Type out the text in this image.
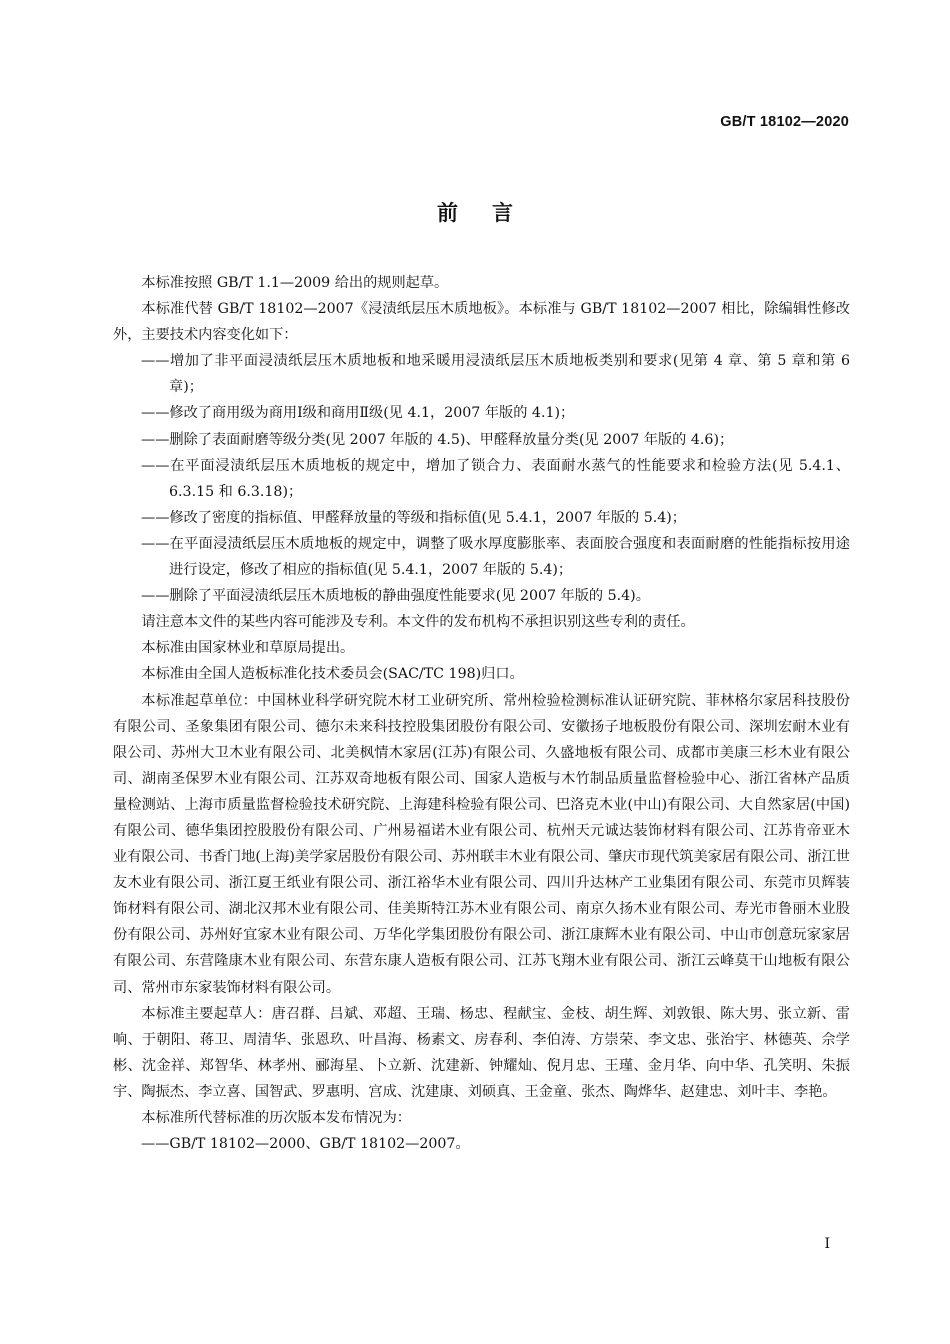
GB/T 18102—2020
前言

本标准按照 GB/T 1.1—2009 给出的规则起草。

本标准代替 GB/T 18102—2007《浸渍纸层压木质地板》。本标准与 GB/T 18102—2007 相比，除编辑性修改外，主要技术内容变化如下：

——增加了非平面浸渍纸层压木质地板和地采暖用浸渍纸层压木质地板类别和要求(见第 4 章、第 5 章和第 6 章)；

——修改了商用级为商用Ⅰ级和商用Ⅱ级(见 4.1，2007 年版的 4.1)；

——删除了表面耐磨等级分类(见 2007 年版的 4.5)、甲醛释放量分类(见 2007 年版的 4.6)；

——在平面浸渍纸层压木质地板的规定中，增加了锁合力、表面耐水蒸气的性能要求和检验方法(见 5.4.1、6.3.15 和 6.3.18)；

——修改了密度的指标值、甲醛释放量的等级和指标值(见 5.4.1，2007 年版的 5.4)；

——在平面浸渍纸层压木质地板的规定中，调整了吸水厚度膨胀率、表面胶合强度和表面耐磨的性能指标按用途进行设定，修改了相应的指标值(见 5.4.1，2007 年版的 5.4)；

——删除了平面浸渍纸层压木质地板的静曲强度性能要求(见 2007 年版的 5.4)。

请注意本文件的某些内容可能涉及专利。本文件的发布机构不承担识别这些专利的责任。

本标准由国家林业和草原局提出。

本标准由全国人造板标准化技术委员会(SAC/TC 198)归口。

本标准起草单位：中国林业科学研究院木材工业研究所、常州检验检测标准认证研究院、菲林格尔家居科技股份有限公司、圣象集团有限公司、德尔未来科技控股集团股份有限公司、安徽扬子地板股份有限公司、深圳宏耐木业有限公司、苏州大卫木业有限公司、北美枫情木家居(江苏)有限公司、久盛地板有限公司、成都市美康三杉木业有限公司、湖南圣保罗木业有限公司、江苏双奇地板有限公司、国家人造板与木竹制品质量监督检验中心、浙江省林产品质量检测站、上海市质量监督检验技术研究院、上海建科检验有限公司、巴洛克木业(中山)有限公司、大自然家居(中国)有限公司、德华集团控股股份有限公司、广州易福诺木业有限公司、杭州天元诚达装饰材料有限公司、江苏肯帝亚木业有限公司、书香门地(上海)美学家居股份有限公司、苏州联丰木业有限公司、肇庆市现代筑美家居有限公司、浙江世友木业有限公司、浙江夏王纸业有限公司、浙江裕华木业有限公司、四川升达林产工业集团有限公司、东莞市贝辉装饰材料有限公司、湖北汉邦木业有限公司、佳美斯特江苏木业有限公司、南京久扬木业有限公司、寿光市鲁丽木业股份有限公司、苏州好宜家木业有限公司、万华化学集团股份有限公司、浙江康辉木业有限公司、中山市创意玩家家居有限公司、东营隆康木业有限公司、东营东康人造板有限公司、江苏飞翔木业有限公司、浙江云峰莫干山地板有限公司、常州市东家装饰材料有限公司。

本标准主要起草人：唐召群、吕斌、邓超、王瑞、杨忠、程献宝、金枝、胡生辉、刘敦银、陈大男、张立新、雷响、于朝阳、蒋卫、周清华、张恩玖、叶昌海、杨素文、房春利、李伯涛、方崇荣、李文忠、张治宇、林德英、佘学彬、沈金祥、郑智华、林孝州、郦海星、卜立新、沈建新、钟耀灿、倪月忠、王瑾、金月华、向中华、孔笑明、朱振宇、陶振杰、李立喜、国智武、罗惠明、宫成、沈建康、刘硕真、王金童、张杰、陶烨华、赵建忠、刘叶丰、李艳。

本标准所代替标准的历次版本发布情况为：

——GB/T 18102—2000、GB/T 18102—2007。

I
